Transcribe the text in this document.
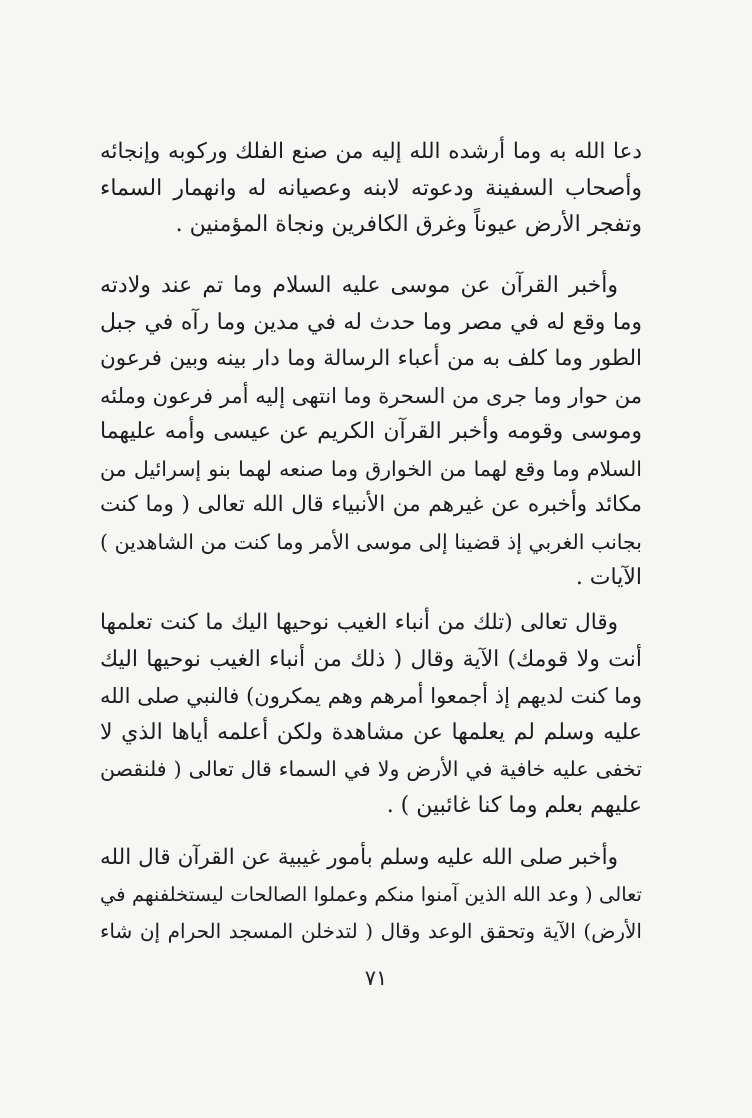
دعا الله به وما أرشده الله إليه من صنع الفلك وركوبه وإنجائه
وأصحاب السفينة ودعوته لابنه وعصيانه له وانهمار السماء
وتفجر الأرض عيوناً وغرق الكافرين ونجاة المؤمنين .
وأخبر القرآن عن موسى عليه السلام وما تم عند ولادته
وما وقع له في مصر وما حدث له في مدين وما رآه في جبل
الطور وما كلف به من أعباء الرسالة وما دار بينه وبين فرعون
من حوار وما جرى من السحرة وما انتهى إليه أمر فرعون وملئه
وموسى وقومه وأخبر القرآن الكريم عن عيسى وأمه عليهما
السلام وما وقع لهما من الخوارق وما صنعه لهما بنو إسرائيل من
مكائد وأخبره عن غيرهم من الأنبياء قال الله تعالى ( وما كنت
بجانب الغربي إذ قضينا إلى موسى الأمر وما كنت من الشاهدين )
الآيات .
وقال تعالى (تلك من أنباء الغيب نوحيها اليك ما كنت تعلمها
أنت ولا قومك) الآية وقال ( ذلك من أنباء الغيب نوحيها اليك
وما كنت لديهم إذ أجمعوا أمرهم وهم يمكرون) فالنبي صلى الله
عليه وسلم لم يعلمها عن مشاهدة ولكن أعلمه أياها الذي لا
تخفى عليه خافية في الأرض ولا في السماء قال تعالى ( فلنقصن
عليهم بعلم وما كنا غائبين ) .
وأخبر صلى الله عليه وسلم بأمور غيبية عن القرآن قال الله
تعالى ( وعد الله الذين آمنوا منكم وعملوا الصالحات ليستخلفنهم في
الأرض) الآية وتحقق الوعد وقال ( لتدخلن المسجد الحرام إن شاء
٧١
